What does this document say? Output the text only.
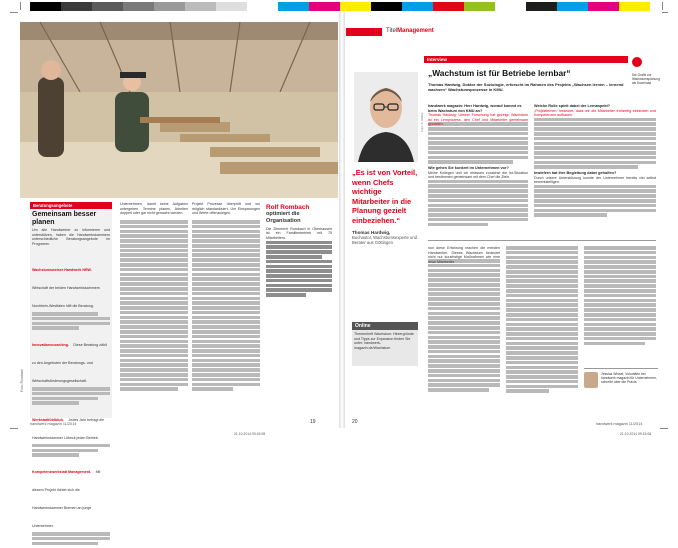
Beratungsangebote
Gemeinsam besser planen
Um alle Handwerker zu informieren und unterstützen, haben die Handwerkskammern unterschiedliche Beratungsangebote im Programm.
Wachstumsweiser Handwerk NRW. Wirtschaft der beiden Handwerkskammern Nordrhein-Westfalen hilft die Beratung.
Innovationscoaching. Diese Beratung zählt zu den Angeboten der Beratungs- und Wirtschaftsförderungsgesellschaft.
Werkstattfühlblick. Jedes Jahr befragt die Handwerkskammer Lübeck jeden Betrieb.
Kompetenzwerkstatt Management. Mit diesem Projekt richtet sich die Handwerkskammer Bremen an junge Unternehmer.
Foto: Rombach
Unternehmen, damit keine Aufgaben untergehen. Termine planen, Arbeiten doppelt oder gar nicht gemacht werden.
Projekt Prozesse überprüft und wo möglich standardisiert. Um Einsparungen und Werte offenzulegen.
Rolf Rombach
optimiert die Organisation
Die Zimmerei Rombach in Oberhausen ist ein Familienbetrieb mit 75 Mitarbeitern.
handwerk magazin 11/2014	19
TitelManagement
Interview
„Wachstum ist für Betriebe lernbar“	Die Grafik zur Wachstumsplanung als Download
Foto: S. Müller
„Es ist von Vorteil, wenn Chefs wichtige Mitarbeiter in die Planung gezielt einbeziehen.“
Thomas Hardwig,
Buchautor, Wachstumsexperte und Berater aus Göttingen
Online
Themenheft Wachstum: Hintergründe und Tipps zur Expansion finden Sie unter: handwerk-magazin.de/Wachstum
Thomas Hardwig, Doktor der Soziologie, erforscht im Rahmen des Projekts „Wachsen lernen – lernend wachsen“ Wachstumsprozesse in KMU.
handwerk magazin: Herr Hardwig, worauf kommt es beim Wachstum von KMU an?
Thomas Hardwig: Unsere Forschung hat gezeigt: Wachstum ist ein Lernprozess, den Chef und Mitarbeiter gemeinsam gestalten.
Wie gehen Sie konkret im Unternehmen vor?
Meine Kollegen und ich erfassen zunächst die Ist-Situation und bestimmen gemeinsam mit dem Chef die Ziele.
Welche Rolle spielt dabei der Lernaspekt?
„Projektlernen“ bedeutet, dass wir die Mitarbeiter frühzeitig einbinden und Kompetenzen aufbauen.
Inwiefern hat Ihre Begleitung dabei geholfen?
Durch unsere Unterstützung konnte der Unternehmer bereits viel selbst bewerkstelligen.
nun diese Erfahrung machen die meisten Handwerker. Dieses Wachstum bedeutet nicht nur kurzfristige Maßnahmen wie eine neue Mitarbeiter.
Jessica Wissel, Volontärin bei handwerk magazin für Unternehmen, schreibt über die Praxis.
20	handwerk magazin 11/2014
21.10.2014 09:15:08	21.10.2014 09:15:08
